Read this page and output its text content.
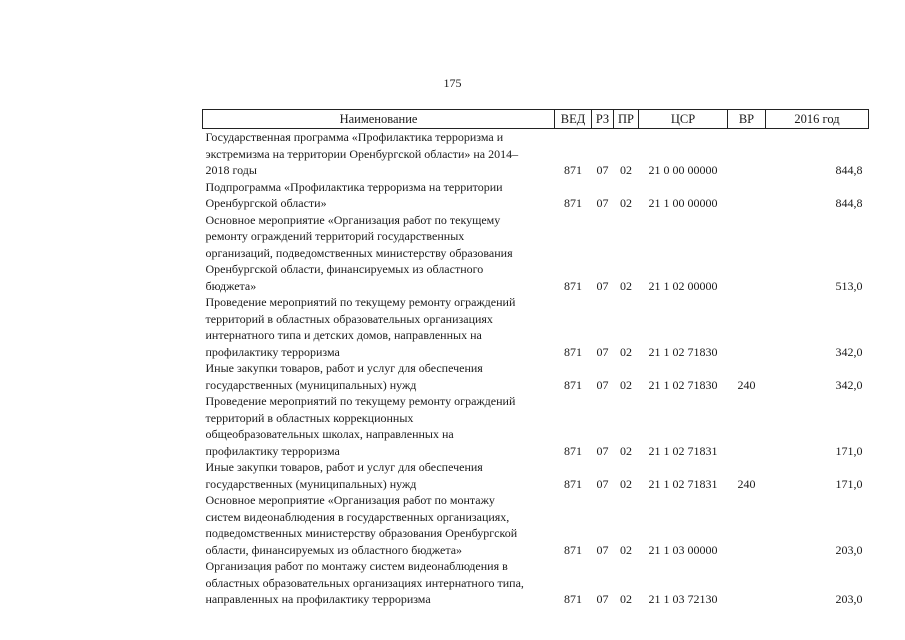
175
Наименование	ВЕД	РЗ	ПР	ЦСР	ВР	2016 год
Государственная программа «Профилактика терроризма и
экстремизма на территории Оренбургской области» на 2014–
2018 годы	871	07	02	21 0 00 00000		844,8
Подпрограмма «Профилактика терроризма на территории
Оренбургской области»	871	07	02	21 1 00 00000		844,8
Основное мероприятие «Организация работ по текущему
ремонту ограждений территорий государственных
организаций, подведомственных министерству образования
Оренбургской области, финансируемых из областного
бюджета»	871	07	02	21 1 02 00000		513,0
Проведение мероприятий по текущему ремонту ограждений
территорий в областных образовательных организациях
интернатного типа и детских домов, направленных на
профилактику терроризма	871	07	02	21 1 02 71830		342,0
Иные закупки товаров, работ и услуг для обеспечения
государственных (муниципальных) нужд	871	07	02	21 1 02 71830	240	342,0
Проведение мероприятий по текущему ремонту ограждений
территорий в областных коррекционных
общеобразовательных школах, направленных на
профилактику терроризма	871	07	02	21 1 02 71831		171,0
Иные закупки товаров, работ и услуг для обеспечения
государственных (муниципальных) нужд	871	07	02	21 1 02 71831	240	171,0
Основное мероприятие «Организация работ по монтажу
систем видеонаблюдения в государственных организациях,
подведомственных министерству образования Оренбургской
области, финансируемых из областного бюджета»	871	07	02	21 1 03 00000		203,0
Организация работ по монтажу систем видеонаблюдения в
областных образовательных организациях интернатного типа,
направленных на профилактику терроризма	871	07	02	21 1 03 72130		203,0
